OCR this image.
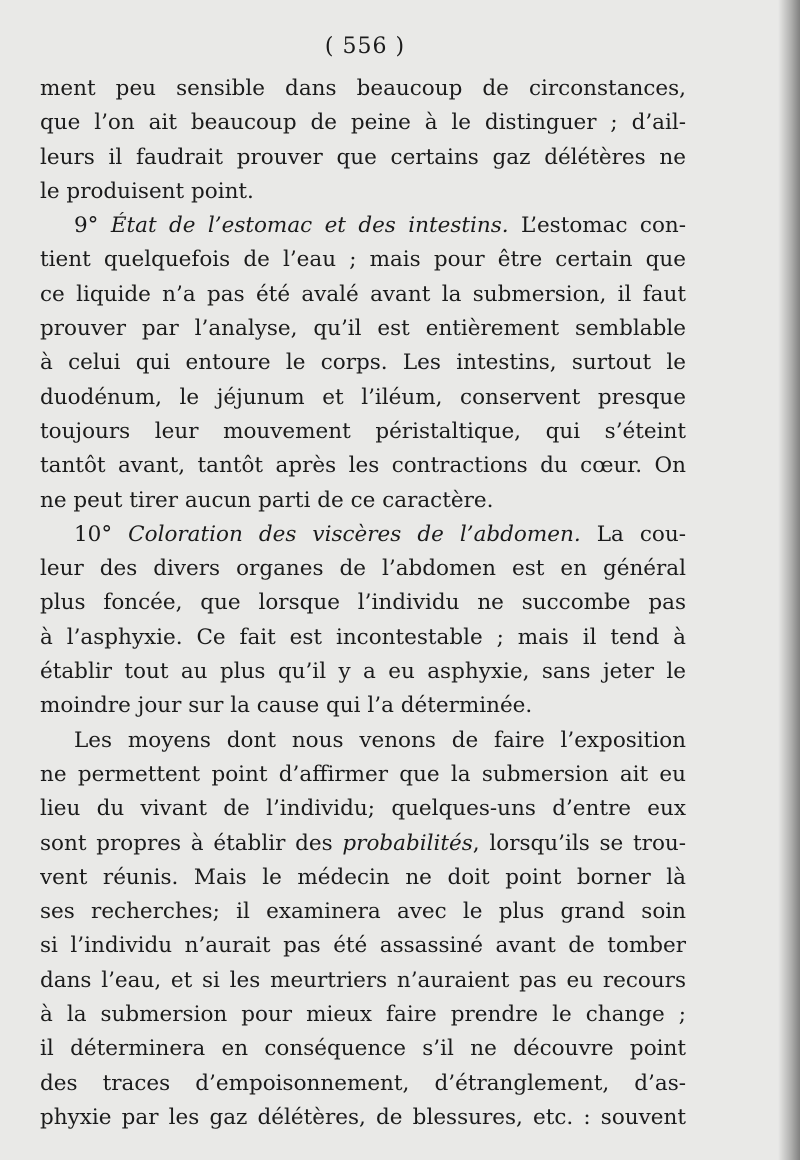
( 556 )
ment peu sensible dans beaucoup de circonstances,
que l’on ait beaucoup de peine à le distinguer ; d’ail-
leurs il faudrait prouver que certains gaz délétères ne
le produisent point.
9° État de l’estomac et des intestins. L’estomac con-
tient quelquefois de l’eau ; mais pour être certain que
ce liquide n’a pas été avalé avant la submersion, il faut
prouver par l’analyse, qu’il est entièrement semblable
à celui qui entoure le corps. Les intestins, surtout le
duodénum, le jéjunum et l’iléum, conservent presque
toujours leur mouvement péristaltique, qui s’éteint
tantôt avant, tantôt après les contractions du cœur. On
ne peut tirer aucun parti de ce caractère.
10° Coloration des viscères de l’abdomen. La cou-
leur des divers organes de l’abdomen est en général
plus foncée, que lorsque l’individu ne succombe pas
à l’asphyxie. Ce fait est incontestable ; mais il tend à
établir tout au plus qu’il y a eu asphyxie, sans jeter le
moindre jour sur la cause qui l’a déterminée.
Les moyens dont nous venons de faire l’exposition
ne permettent point d’affirmer que la submersion ait eu
lieu du vivant de l’individu; quelques-uns d’entre eux
sont propres à établir des probabilités, lorsqu’ils se trou-
vent réunis. Mais le médecin ne doit point borner là
ses recherches; il examinera avec le plus grand soin
si l’individu n’aurait pas été assassiné avant de tomber
dans l’eau, et si les meurtriers n’auraient pas eu recours
à la submersion pour mieux faire prendre le change ;
il déterminera en conséquence s’il ne découvre point
des traces d’empoisonnement, d’étranglement, d’as-
phyxie par les gaz délétères, de blessures, etc. : souvent
